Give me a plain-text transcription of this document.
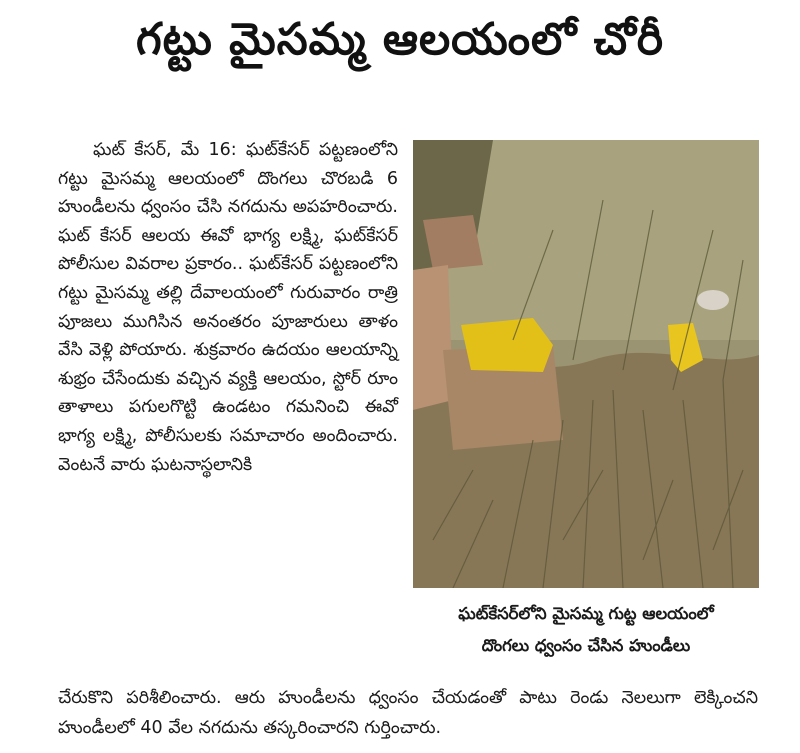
గట్టు మైసమ్మ ఆలయంలో చోరీ

ఘట్ కేసర్, మే 16: ఘట్‌కేసర్ పట్టణంలోని గట్టు మైసమ్మ ఆలయంలో దొంగలు చొరబడి 6 హుండీలను ధ్వంసం చేసి నగదును అపహరించారు. ఘట్ కేసర్ ఆలయ ఈవో భాగ్య లక్ష్మి, ఘట్‌కేసర్ పోలీసుల వివరాల ప్రకారం.. ఘట్‌కేసర్ పట్టణంలోని గట్టు మైసమ్మ తల్లి దేవాలయంలో గురువారం రాత్రి పూజలు ముగిసిన అనంతరం పూజారులు తాళం వేసి వెళ్లి పోయారు. శుక్రవారం ఉదయం ఆలయాన్ని శుభ్రం చేసేందుకు వచ్చిన వ్యక్తి ఆలయం, స్టోర్ రూం తాళాలు పగులగొట్టి ఉండటం గమనించి ఈవో భాగ్య లక్ష్మి, పోలీసులకు సమాచారం అందించారు. వెంటనే వారు ఘటనాస్థలానికి

ఘట్‌కేసర్‌లోని మైసమ్మ గుట్ట ఆలయంలో
దొంగలు ధ్వంసం చేసిన హుండీలు
చేరుకొని పరిశీలించారు. ఆరు హుండీలను ధ్వంసం చేయడంతో పాటు రెండు నెలలుగా లెక్కించని హుండీలలో 40 వేల నగదును తస్కరించారని గుర్తించారు.
